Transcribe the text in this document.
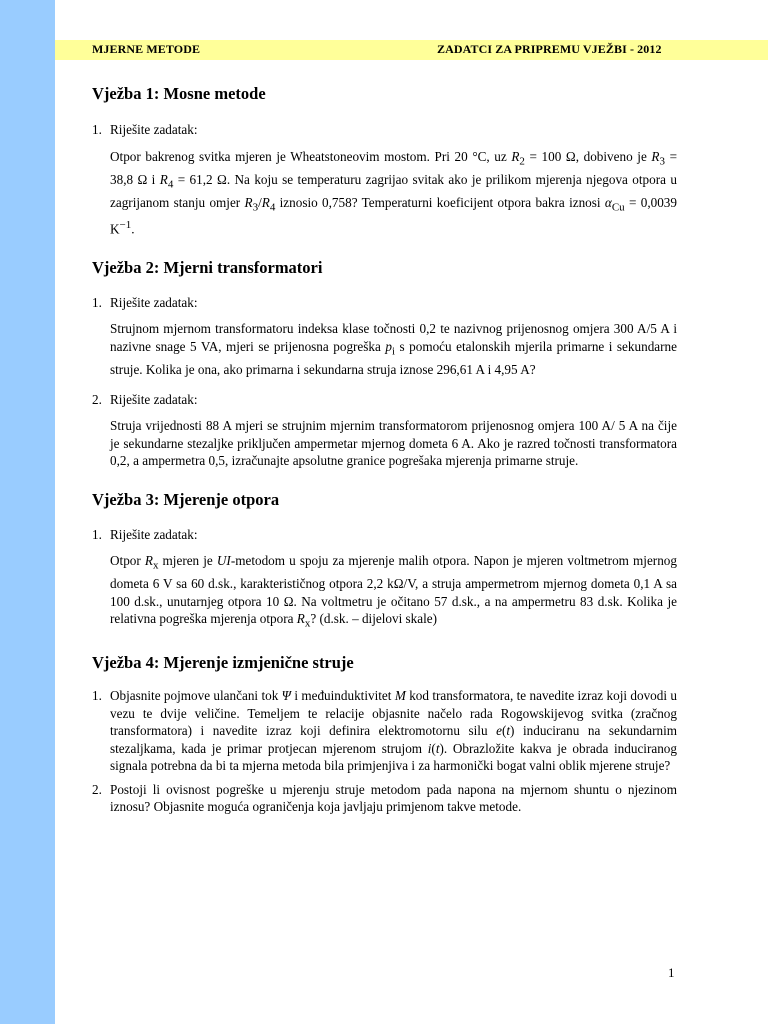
MJERNE METODE	ZADATCI ZA PRIPREMU VJEŽBI - 2012
Vježba 1: Mosne metode

1. Riješite zadatak:

Otpor bakrenog svitka mjeren je Wheatstoneovim mostom. Pri 20 °C, uz $R_2 = 100$ Ω, dobiveno je $R_3 = 38,8$ Ω i $R_4 = 61,2$ Ω. Na koju se temperaturu zagrijao svitak ako je prilikom mjerenja njegova otpora u zagrijanom stanju omjer $R_3/R_4$ iznosio 0,758? Temperaturni koeficijent otpora bakra iznosi $\alpha_{Cu} = 0,0039$ $K^{-1}$.

Vježba 2: Mjerni transformatori

1. Riješite zadatak:

Strujnom mjernom transformatoru indeksa klase točnosti 0,2 te nazivnog prijenosnog omjera 300 A/5 A i nazivne snage 5 VA, mjeri se prijenosna pogreška $p_i$ s pomoću etalonskih mjerila primarne i sekundarne struje. Kolika je ona, ako primarna i sekundarna struja iznose 296,61 A i 4,95 A?

2. Riješite zadatak:

Struja vrijednosti 88 A mjeri se strujnim mjernim transformatorom prijenosnog omjera 100 A/ 5 A na čije je sekundarne stezaljke priključen ampermetar mjernog dometa 6 A. Ako je razred točnosti transformatora 0,2, a ampermetra 0,5, izračunajte apsolutne granice pogrešaka mjerenja primarne struje.

Vježba 3: Mjerenje otpora

1. Riješite zadatak:

Otpor $R_x$ mjeren je UI-metodom u spoju za mjerenje malih otpora. Napon je mjeren voltmetrom mjernog dometa 6 V sa 60 d.sk., karakterističnog otpora 2,2 kΩ/V, a struja ampermetrom mjernog dometa 0,1 A sa 100 d.sk., unutarnjeg otpora 10 Ω. Na voltmetru je očitano 57 d.sk., a na ampermetru 83 d.sk. Kolika je relativna pogreška mjerenja otpora $R_x$? (d.sk. – dijelovi skale)

Vježba 4: Mjerenje izmjenične struje

1. Objasnite pojmove ulančani tok Ψ i međuinduktivitet M kod transformatora, te navedite izraz koji dovodi u vezu te dvije veličine. Temeljem te relacije objasnite načelo rada Rogowskijevog svitka (zračnog transformatora) i navedite izraz koji definira elektromotornu silu e(t) induciranu na sekundarnim stezaljkama, kada je primar protjecan mjerenom strujom i(t). Obrazložite kakva je obrada induciranog signala potrebna da bi ta mjerna metoda bila primjenjiva i za harmonički bogat valni oblik mjerene struje?

2. Postoji li ovisnost pogreške u mjerenju struje metodom pada napona na mjernom shuntu o njezinom iznosu? Objasnite moguća ograničenja koja javljaju primjenom takve metode.

1
